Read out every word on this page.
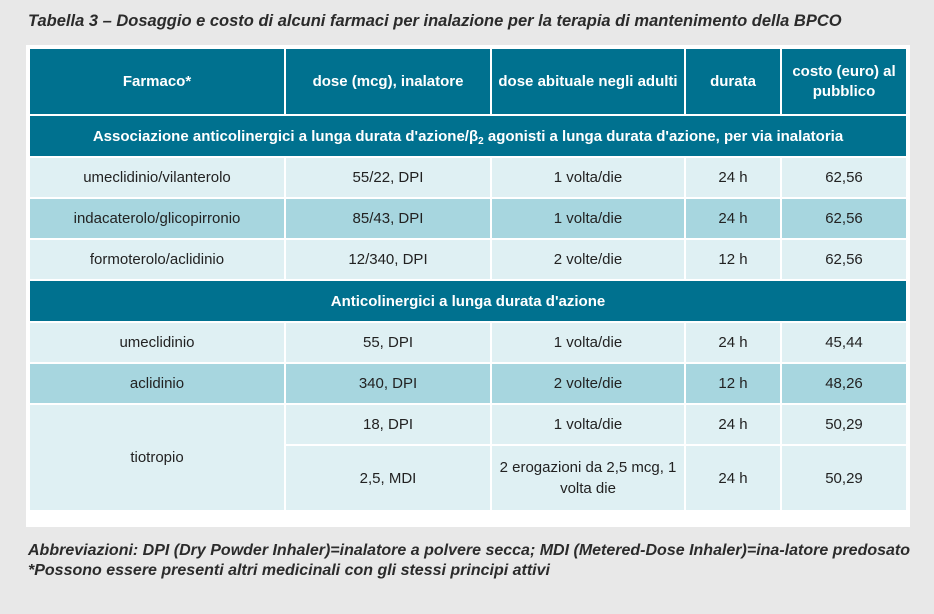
Tabella 3 – Dosaggio e costo di alcuni farmaci per inalazione per la terapia di mantenimento della BPCO
Farmaco*	dose (mcg), inalatore	dose abituale negli adulti	durata	costo (euro) al pubblico
Associazione anticolinergici a lunga durata $d'azione/\beta_2$ agonisti a lunga durata d'azione, per via inalatoria				
umeclidinio/vilanterolo	55/22, DPI	1 volta/die	24 h	62,56
indacaterolo/glicopirronio	85/43, DPI	1 volta/die	24 h	62,56
formoterolo/aclidinio	12/340, DPI	2 volte/die	12 h	62,56
Anticolinergici a lunga durata d'azione				
umeclidinio	55, DPI	1 volta/die	24 h	45,44
aclidinio	340, DPI	2 volte/die	12 h	48,26
tiotropio	18, DPI	1 volta/die	24 h	50,29
	2,5, MDI	2 erogazioni da 2,5 mcg, 1 volta die	24 h	50,29
Abbreviazioni: DPI (Dry Powder Inhaler)=inalatore a polvere secca; MDI (Metered-Dose Inhaler)=ina-latore predosato
*Possono essere presenti altri medicinali con gli stessi principi attivi
